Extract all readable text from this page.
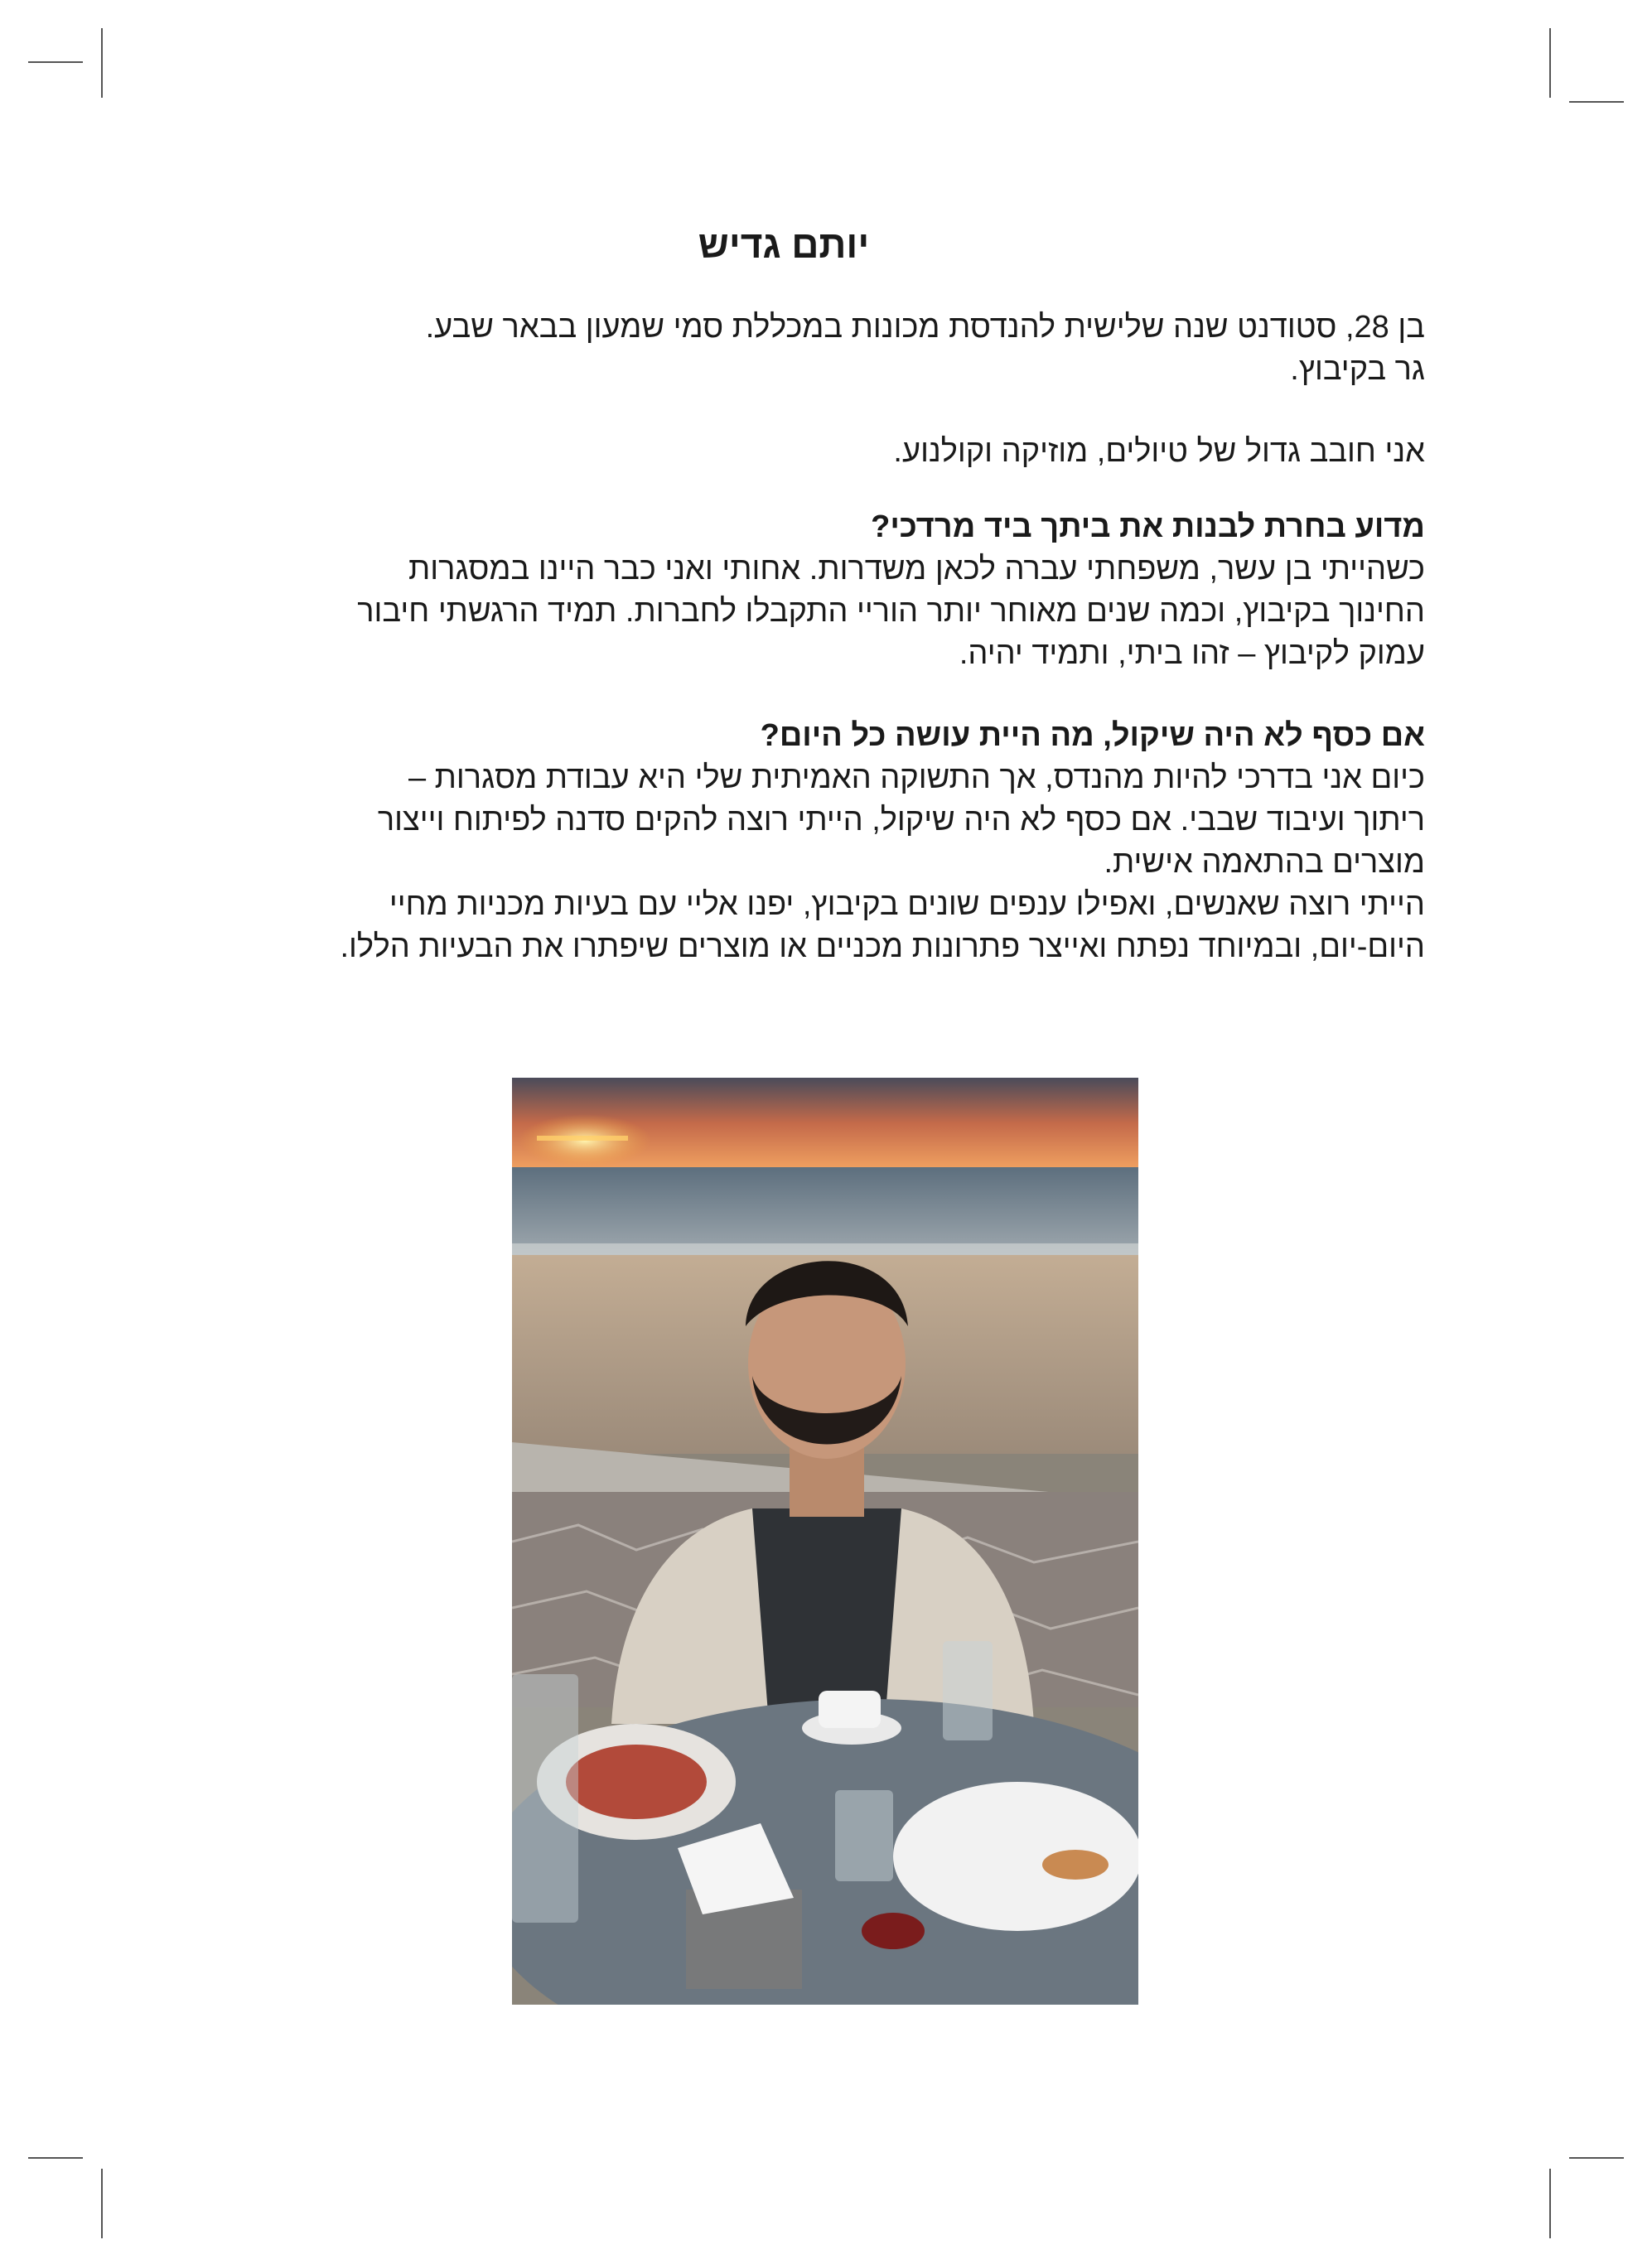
יותם גדיש

בן 28, סטודנט שנה שלישית להנדסת מכונות במכללת סמי שמעון בבאר שבע.
גר בקיבוץ.

אני חובב גדול של טיולים, מוזיקה וקולנוע.

מדוע בחרת לבנות את ביתך ביד מרדכי?

כשהייתי בן עשר, משפחתי עברה לכאן משדרות. אחותי ואני כבר היינו במסגרות
החינוך בקיבוץ, וכמה שנים מאוחר יותר הוריי התקבלו לחברות. תמיד הרגשתי חיבור
עמוק לקיבוץ – זהו ביתי, ותמיד יהיה.

אם כסף לא היה שיקול, מה היית עושה כל היום?

כיום אני בדרכי להיות מהנדס, אך התשוקה האמיתית שלי היא עבודת מסגרות –
ריתוך ועיבוד שבבי. אם כסף לא היה שיקול, הייתי רוצה להקים סדנה לפיתוח וייצור
מוצרים בהתאמה אישית.
הייתי רוצה שאנשים, ואפילו ענפים שונים בקיבוץ, יפנו אליי עם בעיות מכניות מחיי
היום-יום, ובמיוחד נפתח ואייצר פתרונות מכניים או מוצרים שיפתרו את הבעיות הללו.
